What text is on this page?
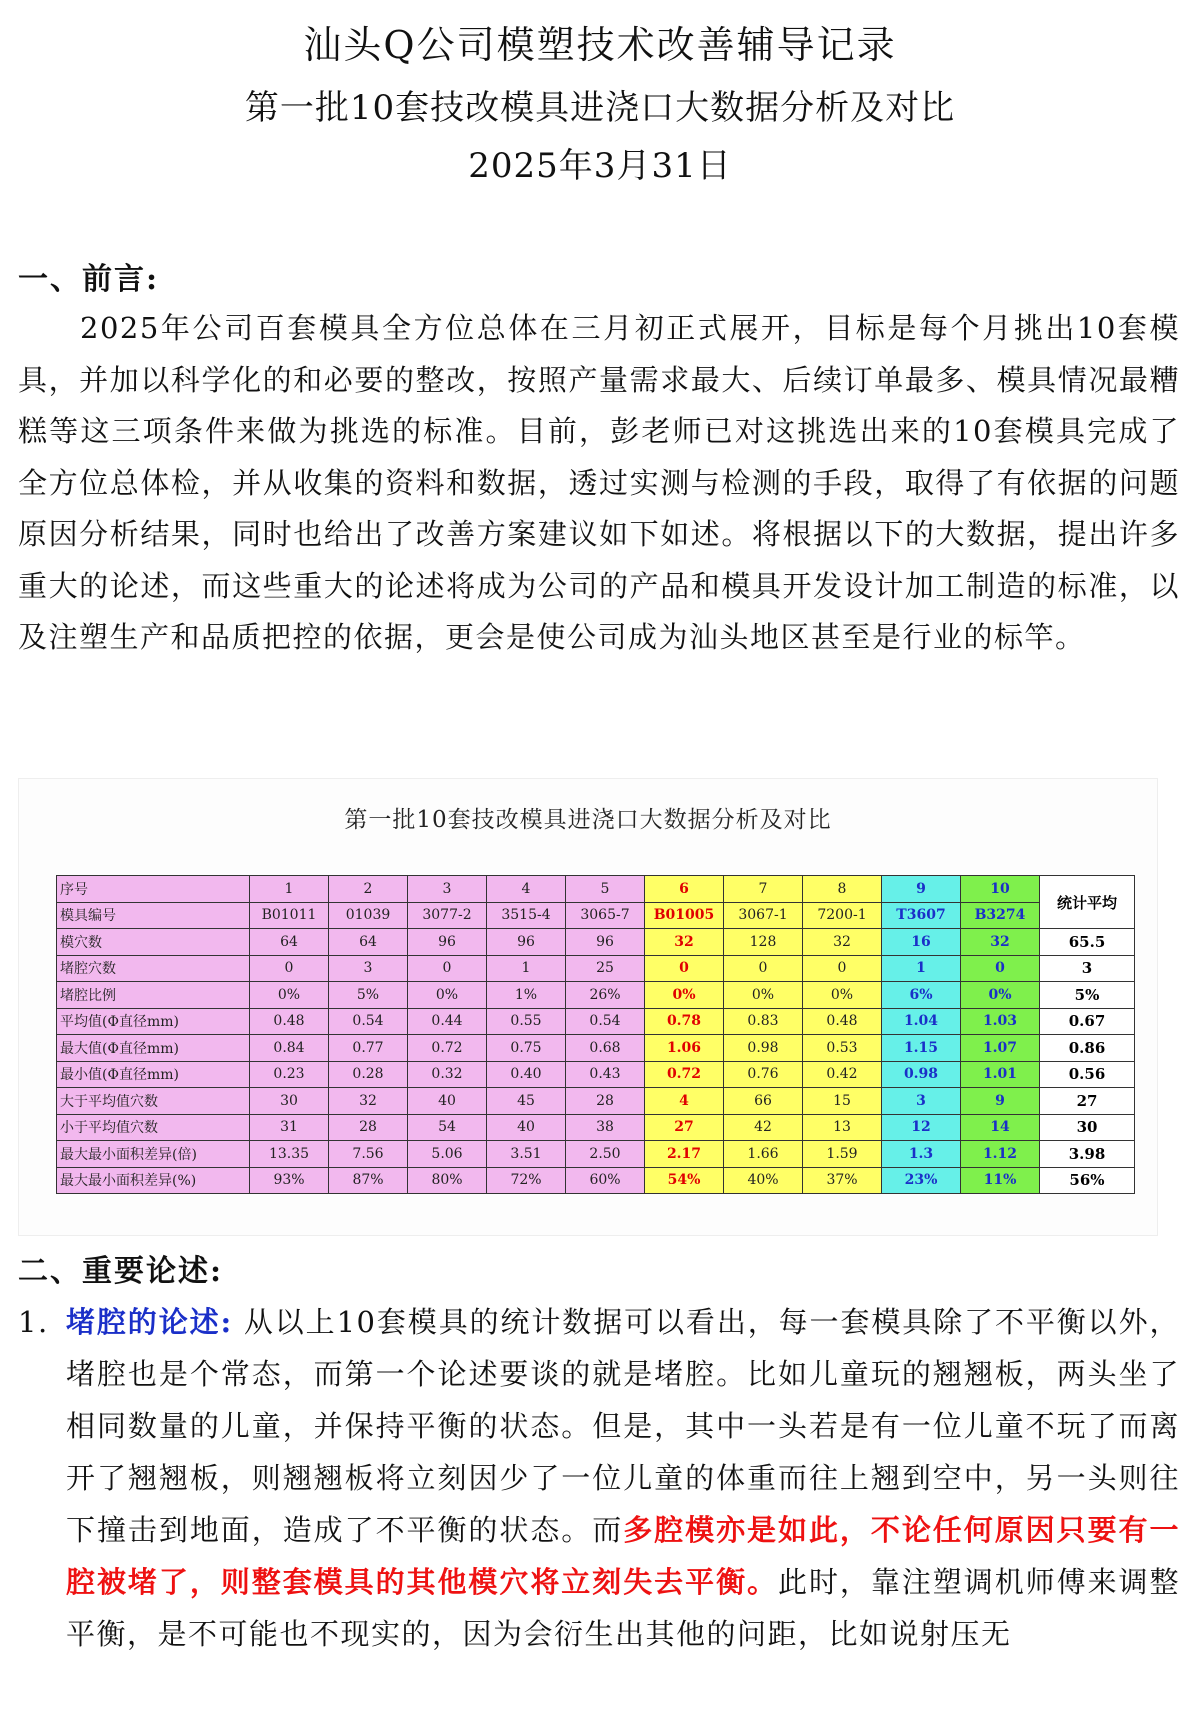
汕头Q公司模塑技术改善辅导记录
第一批10套技改模具进浇口大数据分析及对比
2025年3月31日
一、前言:

2025年公司百套模具全方位总体在三月初正式展开，目标是每个月挑出10套模具，并加以科学化的和必要的整改，按照产量需求最大、后续订单最多、模具情况最糟糕等这三项条件来做为挑选的标准。目前，彭老师已对这挑选出来的10套模具完成了全方位总体检，并从收集的资料和数据，透过实测与检测的手段，取得了有依据的问题原因分析结果，同时也给出了改善方案建议如下如述。将根据以下的大数据，提出许多重大的论述，而这些重大的论述将成为公司的产品和模具开发设计加工制造的标准，以及注塑生产和品质把控的依据，更会是使公司成为汕头地区甚至是行业的标竿。

第一批10套技改模具进浇口大数据分析及对比
序号	1	2	3	4	5	6	7	8	9	10	统计平均
模具编号	B01011	01039	3077-2	3515-4	3065-7	B01005	3067-1	7200-1	T3607	B3274	
模穴数	64	64	96	96	96	32	128	32	16	32	65.5
堵腔穴数	0	3	0	1	25	0	0	0	1	0	3
堵腔比例	0%	5%	0%	1%	26%	0%	0%	0%	6%	0%	5%
平均值(Φ直径mm)	0.48	0.54	0.44	0.55	0.54	0.78	0.83	0.48	1.04	1.03	0.67
最大值(Φ直径mm)	0.84	0.77	0.72	0.75	0.68	1.06	0.98	0.53	1.15	1.07	0.86
最小值(Φ直径mm)	0.23	0.28	0.32	0.40	0.43	0.72	0.76	0.42	0.98	1.01	0.56
大于平均值穴数	30	32	40	45	28	4	66	15	3	9	27
小于平均值穴数	31	28	54	40	38	27	42	13	12	14	30
最大最小面积差异(倍)	13.35	7.56	5.06	3.51	2.50	2.17	1.66	1.59	1.3	1.12	3.98
最大最小面积差异(%)	93%	87%	80%	72%	60%	54%	40%	37%	23%	11%	56%
二、重要论述:
1. 堵腔的论述: 从以上10套模具的统计数据可以看出，每一套模具除了不平衡以外，堵腔也是个常态，而第一个论述要谈的就是堵腔。比如儿童玩的翘翘板，两头坐了相同数量的儿童，并保持平衡的状态。但是，其中一头若是有一位儿童不玩了而离开了翘翘板，则翘翘板将立刻因少了一位儿童的体重而往上翘到空中，另一头则往下撞击到地面，造成了不平衡的状态。而多腔模亦是如此，不论任何原因只要有一腔被堵了，则整套模具的其他模穴将立刻失去平衡。此时，靠注塑调机师傅来调整平衡，是不可能也不现实的，因为会衍生出其他的问距，比如说射压无
